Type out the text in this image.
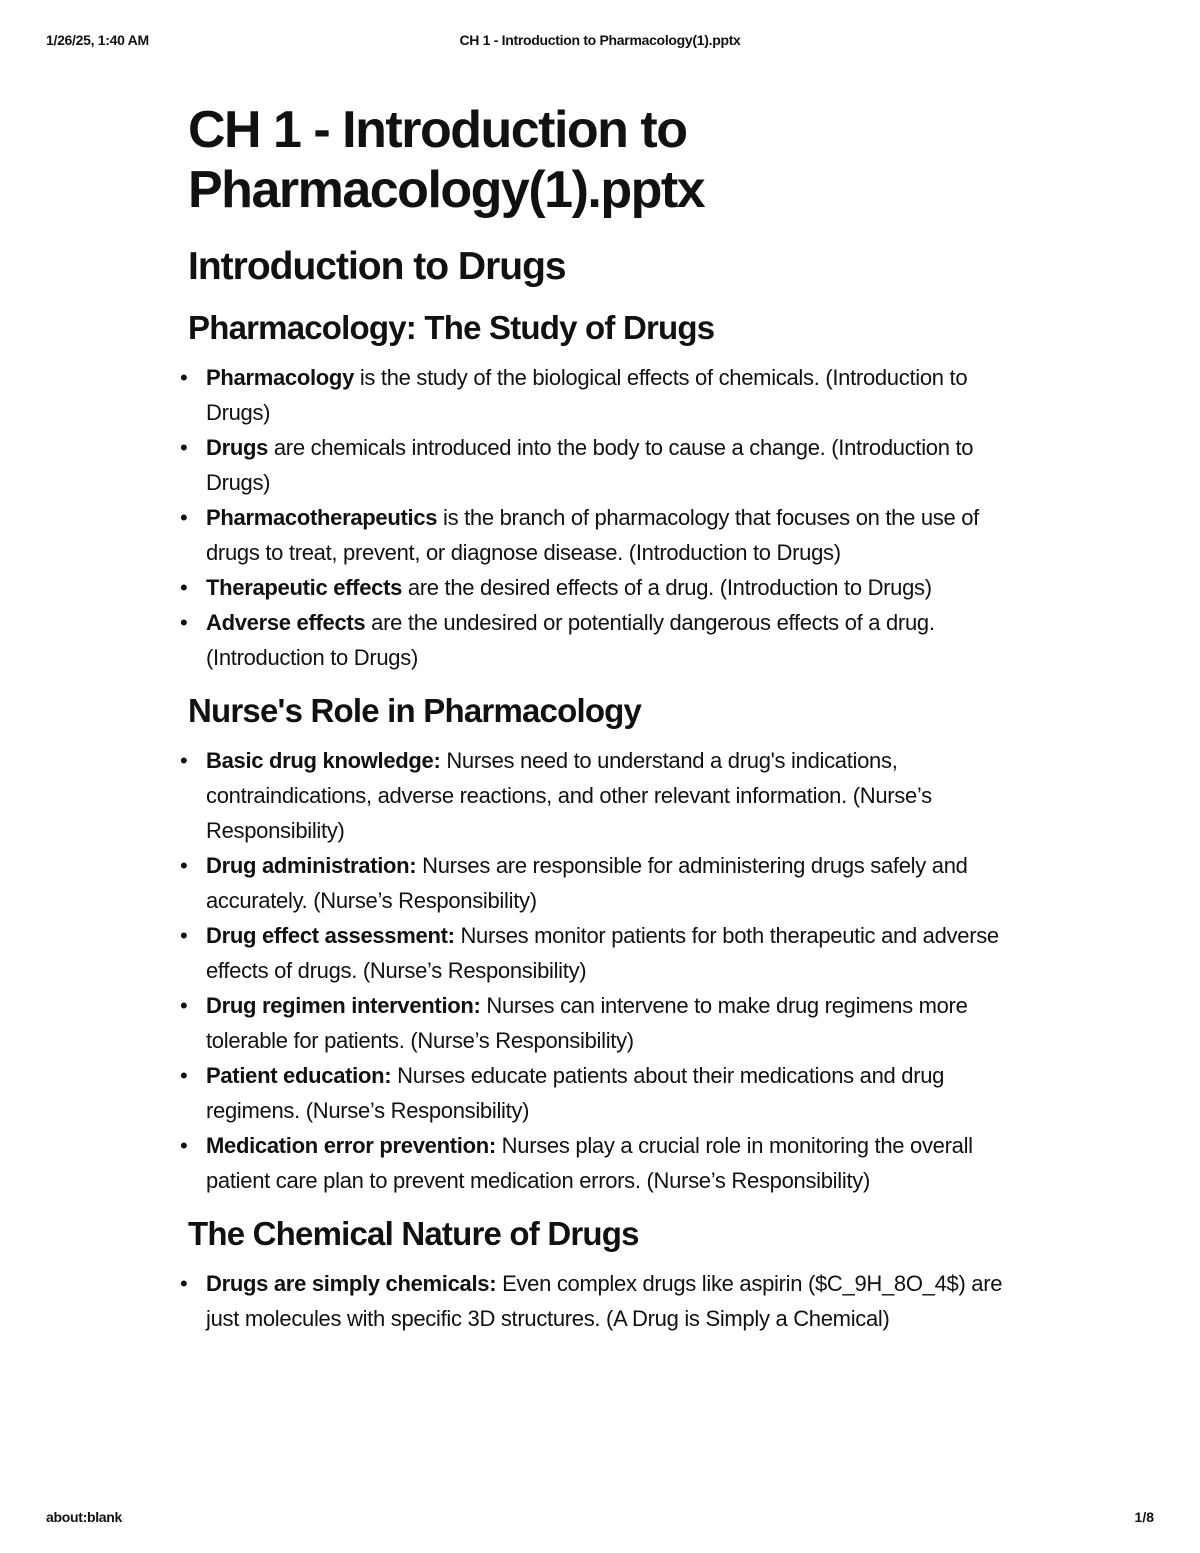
1/26/25, 1:40 AM	CH 1 - Introduction to Pharmacology(1).pptx
CH 1 - Introduction to Pharmacology(1).pptx
Introduction to Drugs
Pharmacology: The Study of Drugs
• Pharmacology is the study of the biological effects of chemicals. (Introduction to Drugs)
• Drugs are chemicals introduced into the body to cause a change. (Introduction to Drugs)
• Pharmacotherapeutics is the branch of pharmacology that focuses on the use of drugs to treat, prevent, or diagnose disease. (Introduction to Drugs)
• Therapeutic effects are the desired effects of a drug. (Introduction to Drugs)
• Adverse effects are the undesired or potentially dangerous effects of a drug. (Introduction to Drugs)
Nurse's Role in Pharmacology
• Basic drug knowledge: Nurses need to understand a drug's indications, contraindications, adverse reactions, and other relevant information. (Nurse’s Responsibility)
• Drug administration: Nurses are responsible for administering drugs safely and accurately. (Nurse’s Responsibility)
• Drug effect assessment: Nurses monitor patients for both therapeutic and adverse effects of drugs. (Nurse’s Responsibility)
• Drug regimen intervention: Nurses can intervene to make drug regimens more tolerable for patients. (Nurse’s Responsibility)
• Patient education: Nurses educate patients about their medications and drug regimens. (Nurse’s Responsibility)
• Medication error prevention: Nurses play a crucial role in monitoring the overall patient care plan to prevent medication errors. (Nurse’s Responsibility)
The Chemical Nature of Drugs
• Drugs are simply chemicals: Even complex drugs like aspirin ($C_9H_8O_4$) are just molecules with specific 3D structures. (A Drug is Simply a Chemical)
about:blank	1/8
